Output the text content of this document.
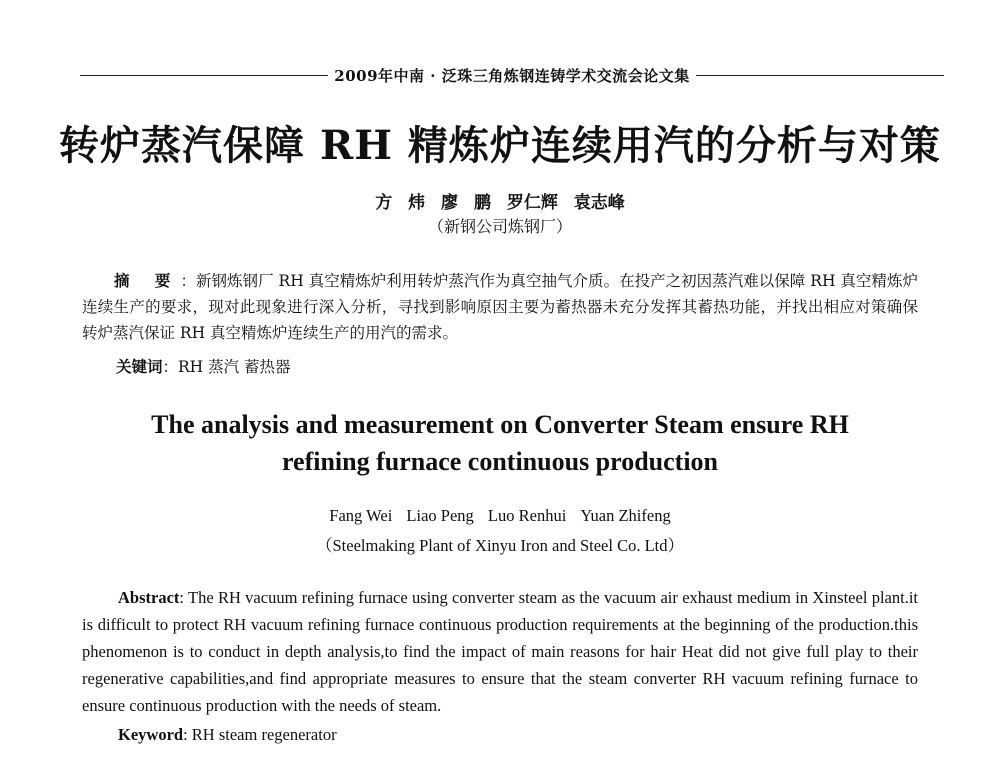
2009年中南 · 泛珠三角炼钢连铸学术交流会论文集
转炉蒸汽保障 RH 精炼炉连续用汽的分析与对策
方 炜 廖 鹏 罗仁辉 袁志峰
（新钢公司炼钢厂）
摘 要：新钢炼钢厂 RH 真空精炼炉利用转炉蒸汽作为真空抽气介质。在投产之初因蒸汽难以保障 RH 真空精炼炉连续生产的要求，现对此现象进行深入分析，寻找到影响原因主要为蓄热器未充分发挥其蓄热功能，并找出相应对策确保转炉蒸汽保证 RH 真空精炼炉连续生产的用汽的需求。
关键词：RH 蒸汽 蓄热器
The analysis and measurement on Converter Steam ensure RH
refining furnace continuous production
Fang Wei Liao Peng Luo Renhui Yuan Zhifeng
（Steelmaking Plant of Xinyu Iron and Steel Co. Ltd）
Abstract: The RH vacuum refining furnace using converter steam as the vacuum air exhaust medium in Xinsteel plant.it is difficult to protect RH vacuum refining furnace continuous production requirements at the beginning of the production.this phenomenon is to conduct in depth analysis,to find the impact of main reasons for hair Heat did not give full play to their regenerative capabilities,and find appropriate measures to ensure that the steam converter RH vacuum refining furnace to ensure continuous production with the needs of steam.
Keyword: RH steam regenerator
